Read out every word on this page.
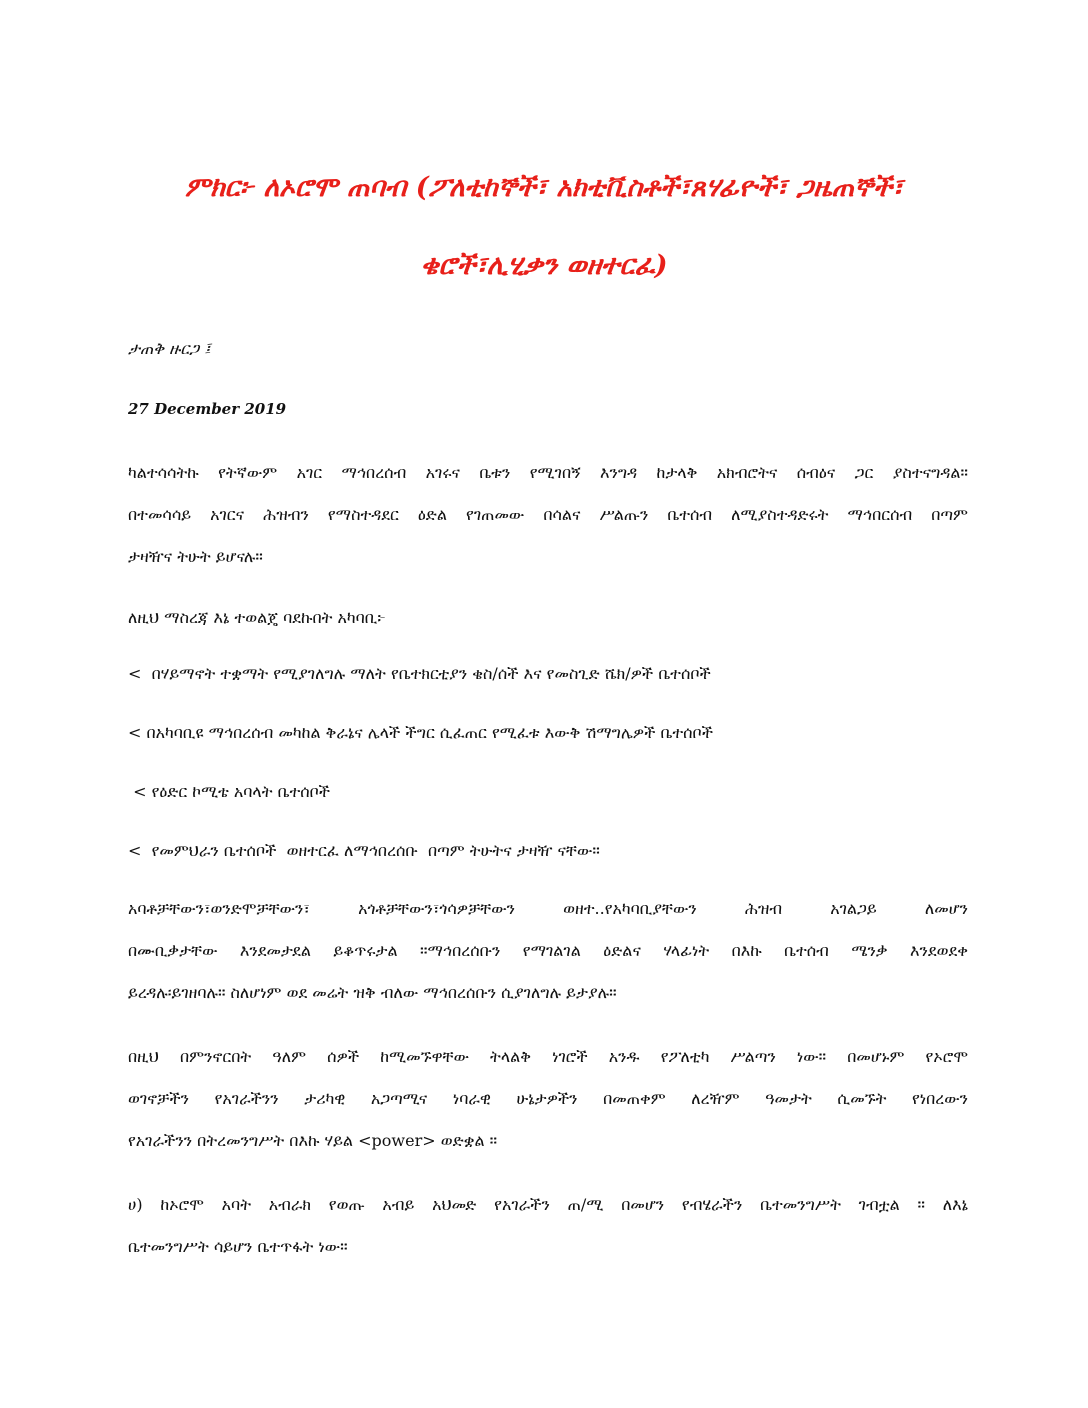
ምክር፦ ለኦሮሞ ጠባብ (ፖለቲከኞች፣ አክቲቪስቶች፣ጸሃፊዮች፣ ጋዜጠኞች፣
ቄሮች፣ሊሂቃን ወዘተርፈ)
ታጠቅ ዙርጋ ፤
27 December 2019

ካልተሳሳትኩ የትኛውም አገር ማኅበረሰብ አገሩና ቤቱን የሚገበኝ እንግዳ ከታላቅ አክብሮትና ሰብዕና ጋር ያስተናግዳል።

በተመሳሳይ አገርና ሕዝብን የማስተዳደር ዕድል የገጠመው በሳልና ሥልጡን ቤተሰብ ለሚያስተዳድሩት ማኅበርሰብ በጣም

ታዛዥና ትሁት ይሆናሉ።

ለዚህ ማስረጃ እኔ ተወልጄ ባደኩበት አካባቢ፦
<  በሃይማኖት ተቋማት የሚያገለግሉ ማለት የቤተክርቲያን ቄስ/ሰች እና የመስጊድ ሼክ/ዎች ቤተሰቦች
< በአካባቢዩ ማኅበረሰብ መካከል ቅራኔና ሌላች ችግር ሲፈጠር የሚፈቱ እውቅ ሽማግሌዎች ቤተሰቦች
< የዕድር ኮሚቴ አባላት ቤተሰቦች
<  የመምህራን ቤተሰቦች  ወዘተርፈ ለማኅበረሰቡ  በጣም ትሁትና ታዛዥ ናቸው።

አባቶቻቸውን፣ወንድሞቻቸውን፣ አጎቶቻቸውን፣ጎሳዎቻቸውን ወዘተ..የአካባቢያቸውን ሕዝብ አገልጋይ ለመሆን

በሙቢቃታቸው እንደመታደል ይቆጥሩታል ።ማኅበረሰቡን የማገልገል ዕድልና ሃላፊነት በእኩ ቤተሰብ ሜንቃ እንደወደቀ

ይረዳሉ፡ይገዘባሉ። ስለሆነም ወደ መሬት ዝቅ ብለው ማኅበረሰቡን ሲያገለግሉ ይታያሉ።

በዚህ በምንኖርበት ዓለም ሰዎች ከሚመኙዋቸው ትላልቅ ነገሮች አንዱ የፖለቲካ ሥልጣን ነው። በመሆኑም የኦሮሞ

ወገኖቻችን የአገራችንን ታሪካዊ አጋጣሚና ነባራዊ ሁኔታዎችን በመጠቀም ለረዥም ዓመታት ሲመኙት የነበረውን

የአገራችንን በትረመንግሥት በእኩ ሃይል <power> ወድቋል ።

ሀ) ከኦሮሞ አባት አብራክ የወጡ አብይ አህመድ የአገራችን ጠ/ሚ በመሆን የብሄራችን ቤተመንግሥት ገብቷል ። ለእኔ

ቤተመንግሥት ሳይሆን ቤተጥፋት ነው።
